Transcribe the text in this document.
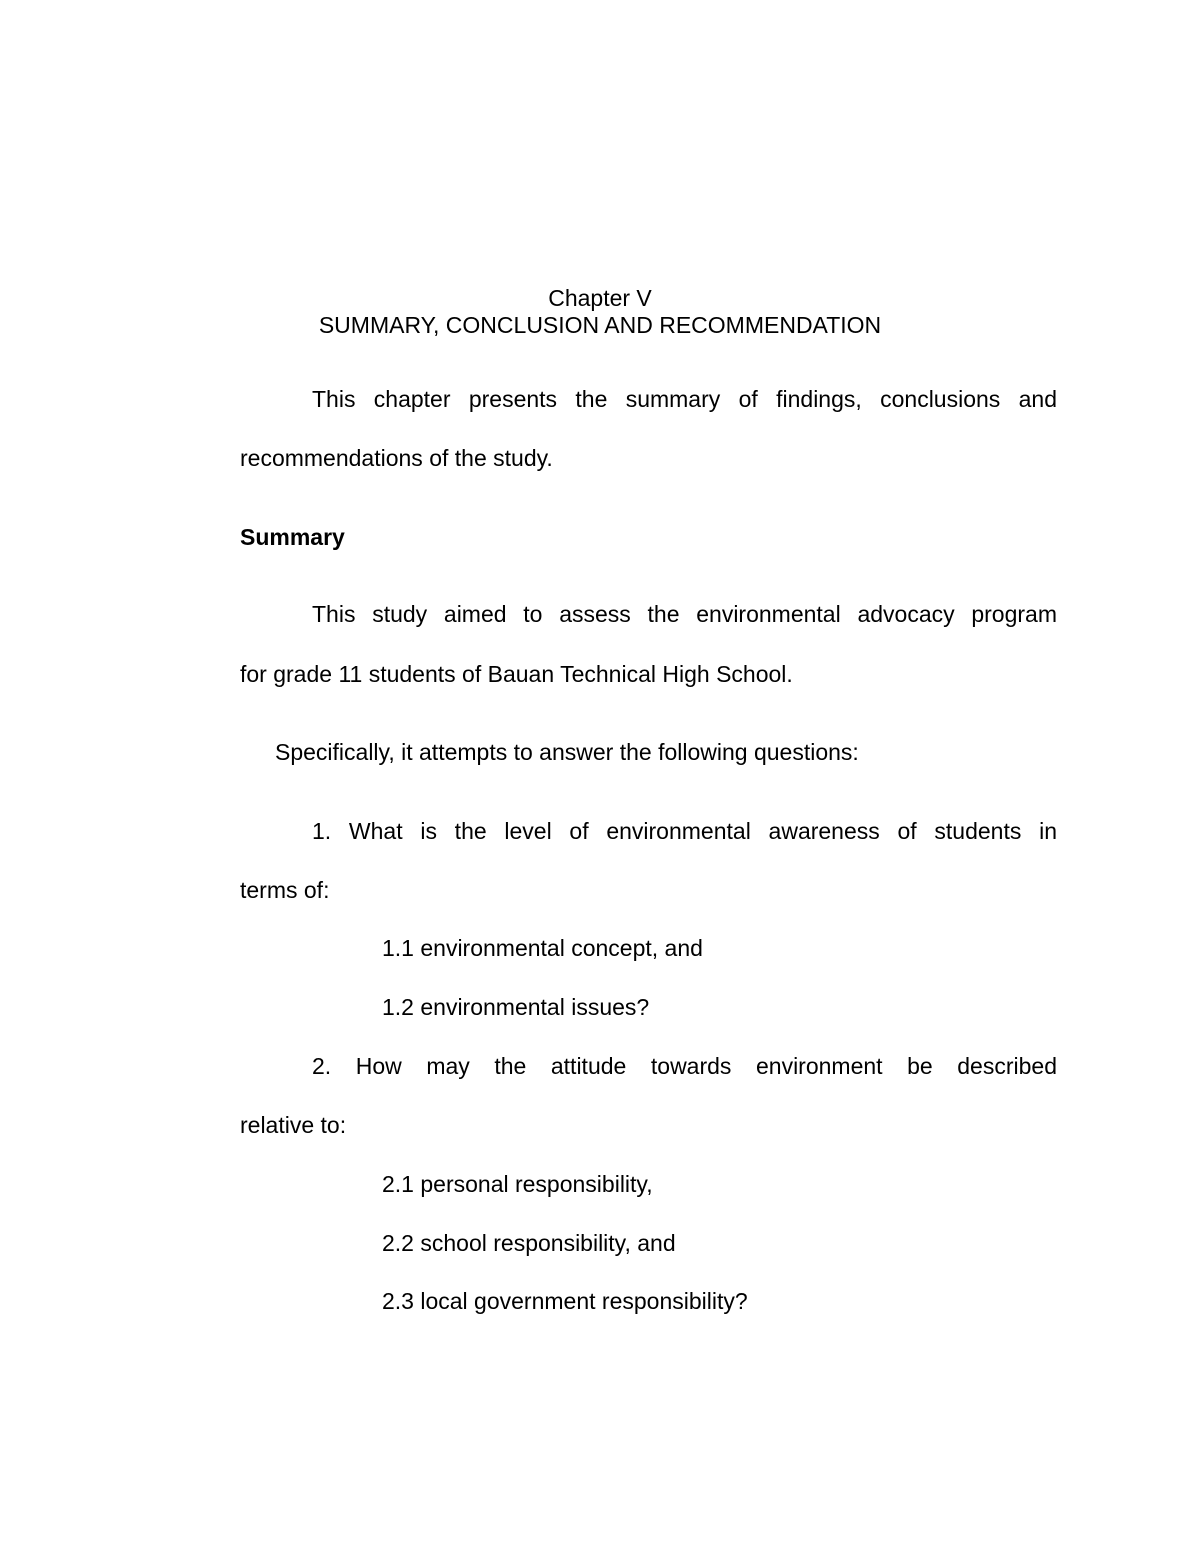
Chapter V
SUMMARY, CONCLUSION AND RECOMMENDATION
This chapter presents the summary of findings, conclusions and
recommendations of the study.
Summary
This study aimed to assess the environmental advocacy program
for grade 11 students of Bauan Technical High School.
Specifically, it attempts to answer the following questions:
1. What is the level of environmental awareness of students in
terms of:
1.1 environmental concept, and
1.2 environmental issues?
2. How may the attitude towards environment be described
relative to:
2.1 personal responsibility,
2.2 school responsibility, and
2.3 local government responsibility?
